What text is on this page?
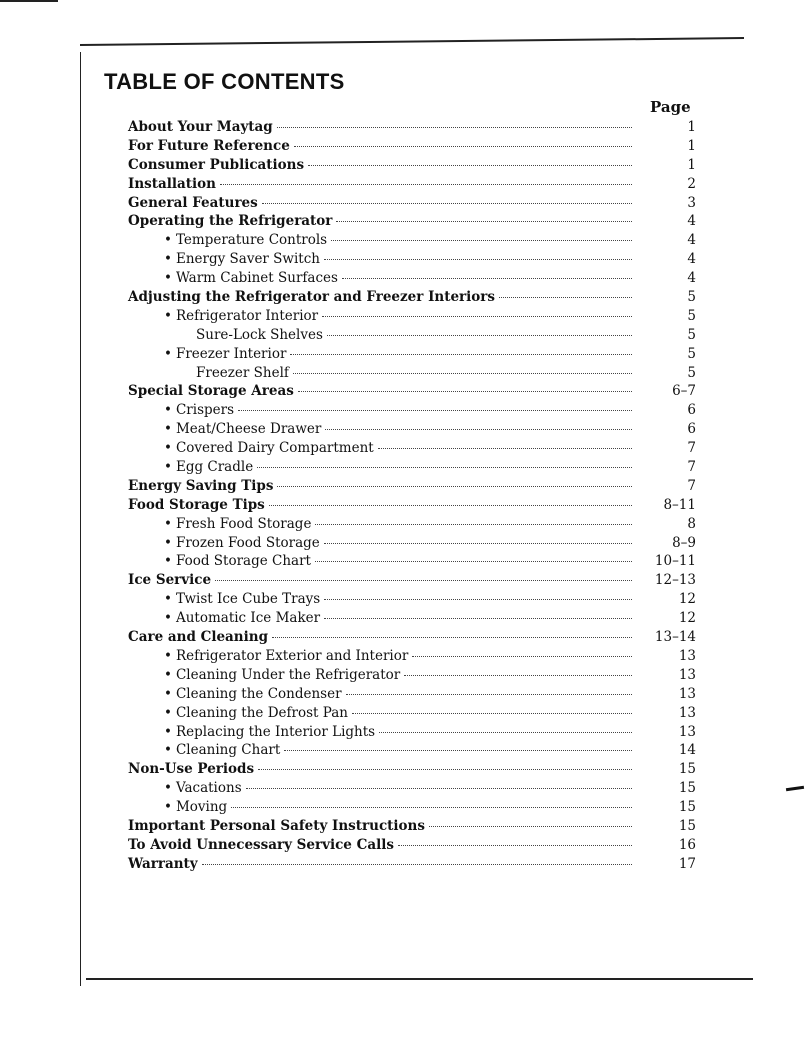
TABLE OF CONTENTS
Page
About Your Maytag	1
For Future Reference	1
Consumer Publications	1
Installation	2
General Features	3
Operating the Refrigerator	4
• Temperature Controls	4
• Energy Saver Switch	4
• Warm Cabinet Surfaces	4
Adjusting the Refrigerator and Freezer Interiors	5
• Refrigerator Interior	5
Sure-Lock Shelves	5
• Freezer Interior	5
Freezer Shelf	5
Special Storage Areas	6–7
• Crispers	6
• Meat/Cheese Drawer	6
• Covered Dairy Compartment	7
• Egg Cradle	7
Energy Saving Tips	7
Food Storage Tips	8–11
• Fresh Food Storage	8
• Frozen Food Storage	8–9
• Food Storage Chart	10–11
Ice Service	12–13
• Twist Ice Cube Trays	12
• Automatic Ice Maker	12
Care and Cleaning	13–14
• Refrigerator Exterior and Interior	13
• Cleaning Under the Refrigerator	13
• Cleaning the Condenser	13
• Cleaning the Defrost Pan	13
• Replacing the Interior Lights	13
• Cleaning Chart	14
Non-Use Periods	15
• Vacations	15
• Moving	15
Important Personal Safety Instructions	15
To Avoid Unnecessary Service Calls	16
Warranty	17
